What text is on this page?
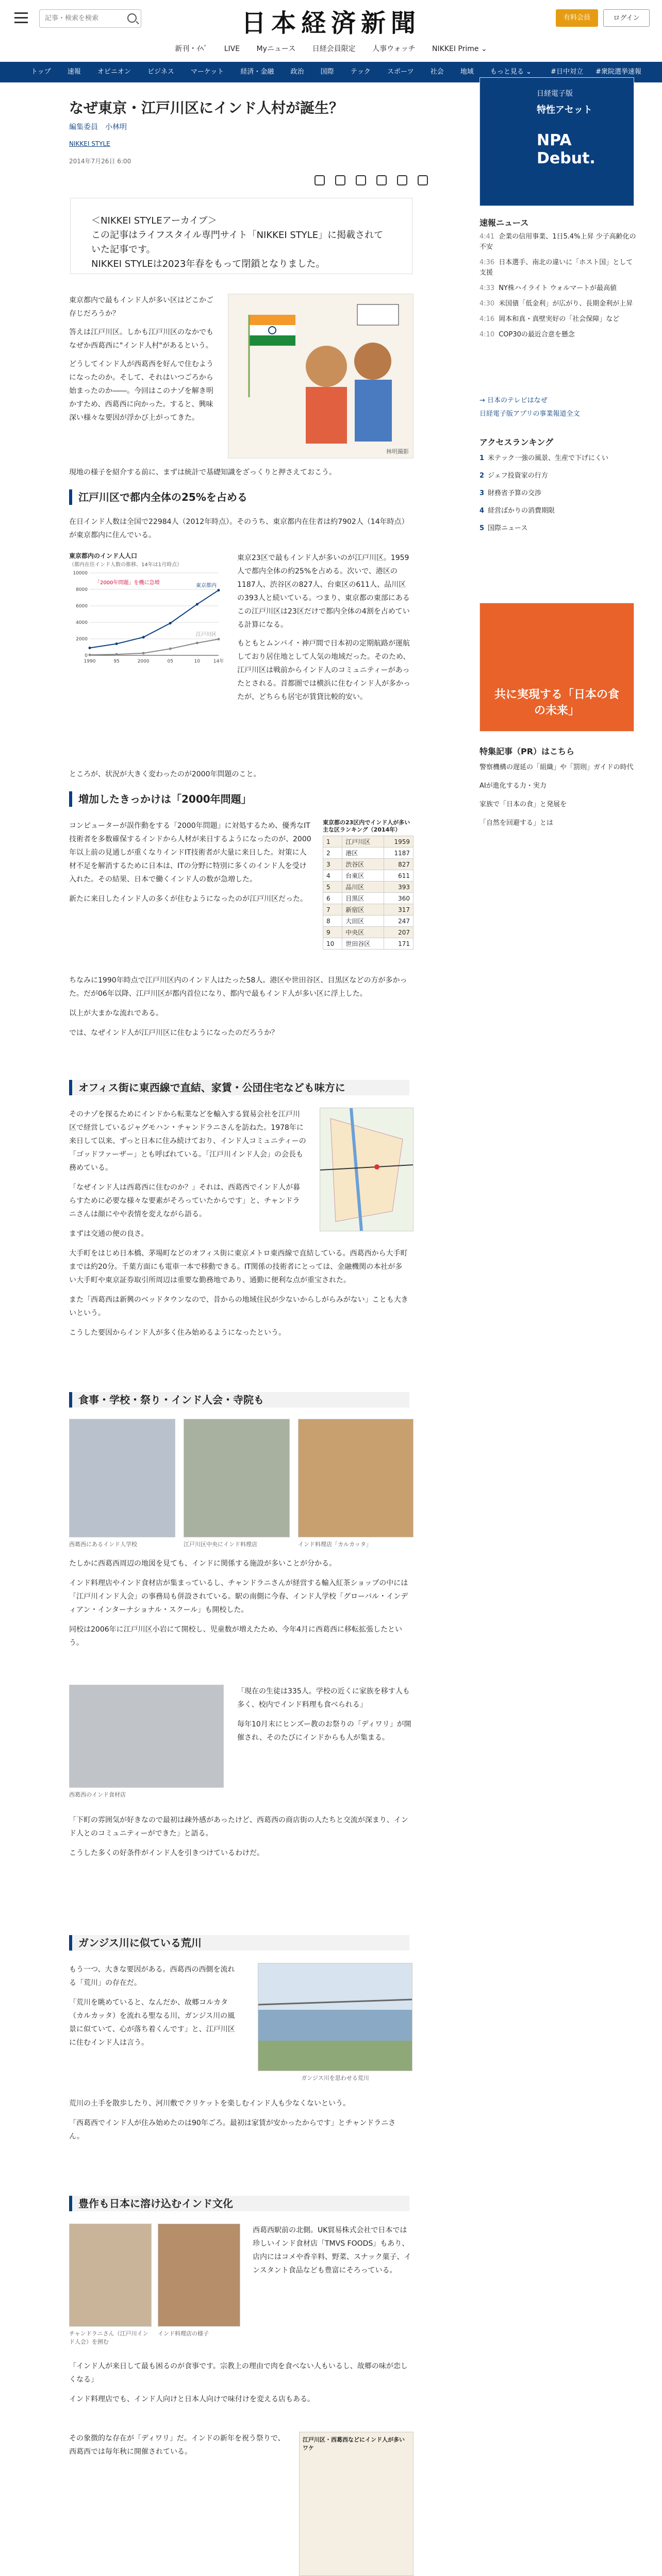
記事・検索を検索
日本経済新聞	有料会員	ログイン
新刊・ｲﾍﾞ LIVE Myニュース 日経会員限定 人事ウォッチ NIKKEI Prime ⌄
トップ 速報 オピニオン ビジネス マーケット 経済・金融 政治 国際 テック スポーツ 社会 地域 もっと見る ⌄	#日中対立 #衆院選挙速報
なぜ東京・江戸川区にインド人村が誕生？
編集委員　小林明
NIKKEI STYLE
2014年7月26日 6:00
＜NIKKEI STYLEアーカイブ＞
この記事はライフスタイル専門サイト「NIKKEI STYLE」に掲載されていた記事です。
NIKKEI STYLEは2023年春をもって閉鎖となりました。

東京都内で最もインド人が多い区はどこかご存じだろうか？

答えは江戸川区。しかも江戸川区のなかでもなぜか西葛西に"インド人村"があるという。

どうしてインド人が西葛西を好んで住むようになったのか。そして、それはいつごろから始まったのか――。今回はこのナゾを解き明かすため、西葛西に向かった。すると、興味深い様々な要因が浮かび上がってきた。

林明撮影

現地の様子を紹介する前に、まずは統計で基礎知識をざっくりと押さえておこう。

江戸川区で都内全体の25%を占める

在日インド人数は全国で22984人（2012年時点）。そのうち、東京都内在住者は約7902人（14年時点）が東京都内に住んでいる。

東京都内のインド人人口
（都内在住インド人数の推移、14年は1月時点）
0
2000
4000
6000
8000
10000
1990	95	2000	05	10	14年
東京都内
江戸川区
「2000年問題」を機に急増

東京23区で最もインド人が多いのが江戸川区。1959人で都内全体の約25%を占める。次いで、港区の1187人、渋谷区の827人、台東区の611人、品川区の393人と続いている。つまり、東京都の東部にあるこの江戸川区は23区だけで都内全体の4割を占めている計算になる。

もともとムンバイ・神戸間で日本初の定期航路が運航しており居住地として人気の地域だった。そのため、江戸川区は戦前からインド人のコミュニティーがあったとされる。首都圏では横浜に住むインド人が多かったが、どちらも居宅が賃貸比較的安い。

ところが、状況が大きく変わったのが2000年問題のこと。

増加したきっかけは「2000年問題」

コンピューターが誤作動をする「2000年問題」に対処するため、優秀なIT技術者を多数確保するインドから人材が来日するようになったのが、2000年以上前の見通しが重くなりインドIT技術者が大量に来日した。対策に人材不足を解消するために日本は、ITの分野に特別に多くのインド人を受け入れた。その結果、日本で働くインド人の数が急増した。

新たに来日したインド人の多くが住むようになったのが江戸川区だった。

東京都の23区内でインド人が多い主な区ランキング（2014年）
1	江戸川区	1959
2	港区	1187
3	渋谷区	827
4	台東区	611
5	品川区	393
6	目黒区	360
7	新宿区	317
8	大田区	247
9	中央区	207
10	世田谷区	171

ちなみに1990年時点で江戸川区内のインド人はたった58人。港区や世田谷区、目黒区などの方が多かった。だが06年以降、江戸川区が都内首位になり、都内で最もインド人が多い区に浮上した。

以上が大まかな流れである。

では、なぜインド人が江戸川区に住むようになったのだろうか？

オフィス街に東西線で直結、家賃・公団住宅なども味方に

そのナゾを探るためにインドから転業などを輸入する貿易会社を江戸川区で経営しているジャグモハン・チャンドラニさんを訪ねた。1978年に来日して以来、ずっと日本に住み続けており、インド人コミュニティーの「ゴッドファーザー」とも呼ばれている。「江戸川インド人会」の会長も務めている。

「なぜインド人は西葛西に住むのか？」それは、西葛西でインド人が暮らすために必要な様々な要素がそろっていたからです」と、チャンドラニさんは顔にやや表情を変えながら語る。

まずは交通の便の良さ。

大手町をはじめ日本橋、茅場町などのオフィス街に東京メトロ東西線で直結している。西葛西から大手町までは約20分。千葉方面にも電車一本で移動できる。IT関係の技術者にとっては、金融機関の本社が多い大手町や東京証券取引所周辺は重要な勤務地であり、通勤に便利な点が重宝された。

また「西葛西は新興のベッドタウンなので、昔からの地域住民が少ないからしがらみがない」ことも大きいという。

こうした要因からインド人が多く住み始めるようになったという。

食事・学校・祭り・インド人会・寺院も
西葛西にあるインド人学校	江戸川区中央にインド料理店	インド料理店「カルカッタ」

たしかに西葛西周辺の地図を見ても、インドに関係する施設が多いことが分かる。

インド料理店やインド食材店が集まっているし、チャンドラニさんが経営する輸入紅茶ショップの中には「江戸川インド人会」の事務局も併設されている。駅の南側に今春、インド人学校「グローバル・インディアン・インターナショナル・スクール」も開校した。

同校は2006年に江戸川区小岩にて開校し、児童数が増えたため、今年4月に西葛西に移転拡張したという。

西葛西のインド食材店

「現在の生徒は335人。学校の近くに家族を移す人も多く、校内でインド料理も食べられる」

毎年10月末にヒンズー教のお祭りの「ディワリ」が開催され、そのたびにインドからも人が集まる。

「下町の雰囲気が好きなので最初は疎外感があったけど、西葛西の商店街の人たちと交流が深まり、インド人とのコミュニティーができた」と語る。

こうした多くの好条件がインド人を引きつけているわけだ。

ガンジス川に似ている荒川

もう一つ、大きな要因がある。西葛西の西側を流れる「荒川」の存在だ。

「荒川を眺めていると、なんだか、故郷コルカタ（カルカッタ）を流れる聖なる川、ガンジス川の風景に似ていて、心が落ち着くんです」と、江戸川区に住むインド人は言う。

ガンジス川を思わせる荒川

荒川の土手を散歩したり、河川敷でクリケットを楽しむインド人も少なくないという。

「西葛西でインド人が住み始めたのは90年ごろ。最初は家賃が安かったからです」とチャンドラニさん。

豊作も日本に溶け込むインド文化
チャンドラニさん（江戸川インド人会）を囲む
インド料理店の様子

西葛西駅前の北側。UK貿易株式会社で日本では珍しいインド食材店「TMVS FOODS」もあり、店内にはコメや香辛料、野菜、スナック菓子、インスタント食品なども豊富にそろっている。

「インド人が来日して最も困るのが食事です。宗教上の理由で肉を食べない人もいるし、故郷の味が恋しくなる」

インド料理店でも、インド人向けと日本人向けで味付けを変える店もある。

その象徴的な存在が「ディワリ」だ。インドの新年を祝う祭りで、西葛西では毎年秋に開催されている。

江戸川区・西葛西などにインド人が多いワケ
日経電子版
特性アセット
NPA Debut.
速報ニュース
4:41 企業の信用事業、1日5.4%上昇 少子高齢化の不安
4:36 日本選手、南北の違いに「ホスト国」として支援
4:33 NY株ハイライト ウォルマートが最高値
4:30 米国債「低金利」が広がり、長期金利が上昇
4:16 岡本和真・真壁実好の「社会保障」など
4:10 COP30の最近合意を懸念
→ 日本のテレビはなぜ
日経電子版アプリの事業報道全文
アクセスランキング
1 米テック一強の風景、生産で下げにくい
2 ジェフ投資家の行方
3 財務省予算の交渉
4 経営ばかりの消費期限
5 国際ニュース
共に実現する「日本の食の未来」
特集記事（PR）はこちら
警察機構の遅延の「組織」や「罰則」ガイドの時代
AIが進化する力・実力
家族で「日本の食」と発展を
「自然を回避する」とは
